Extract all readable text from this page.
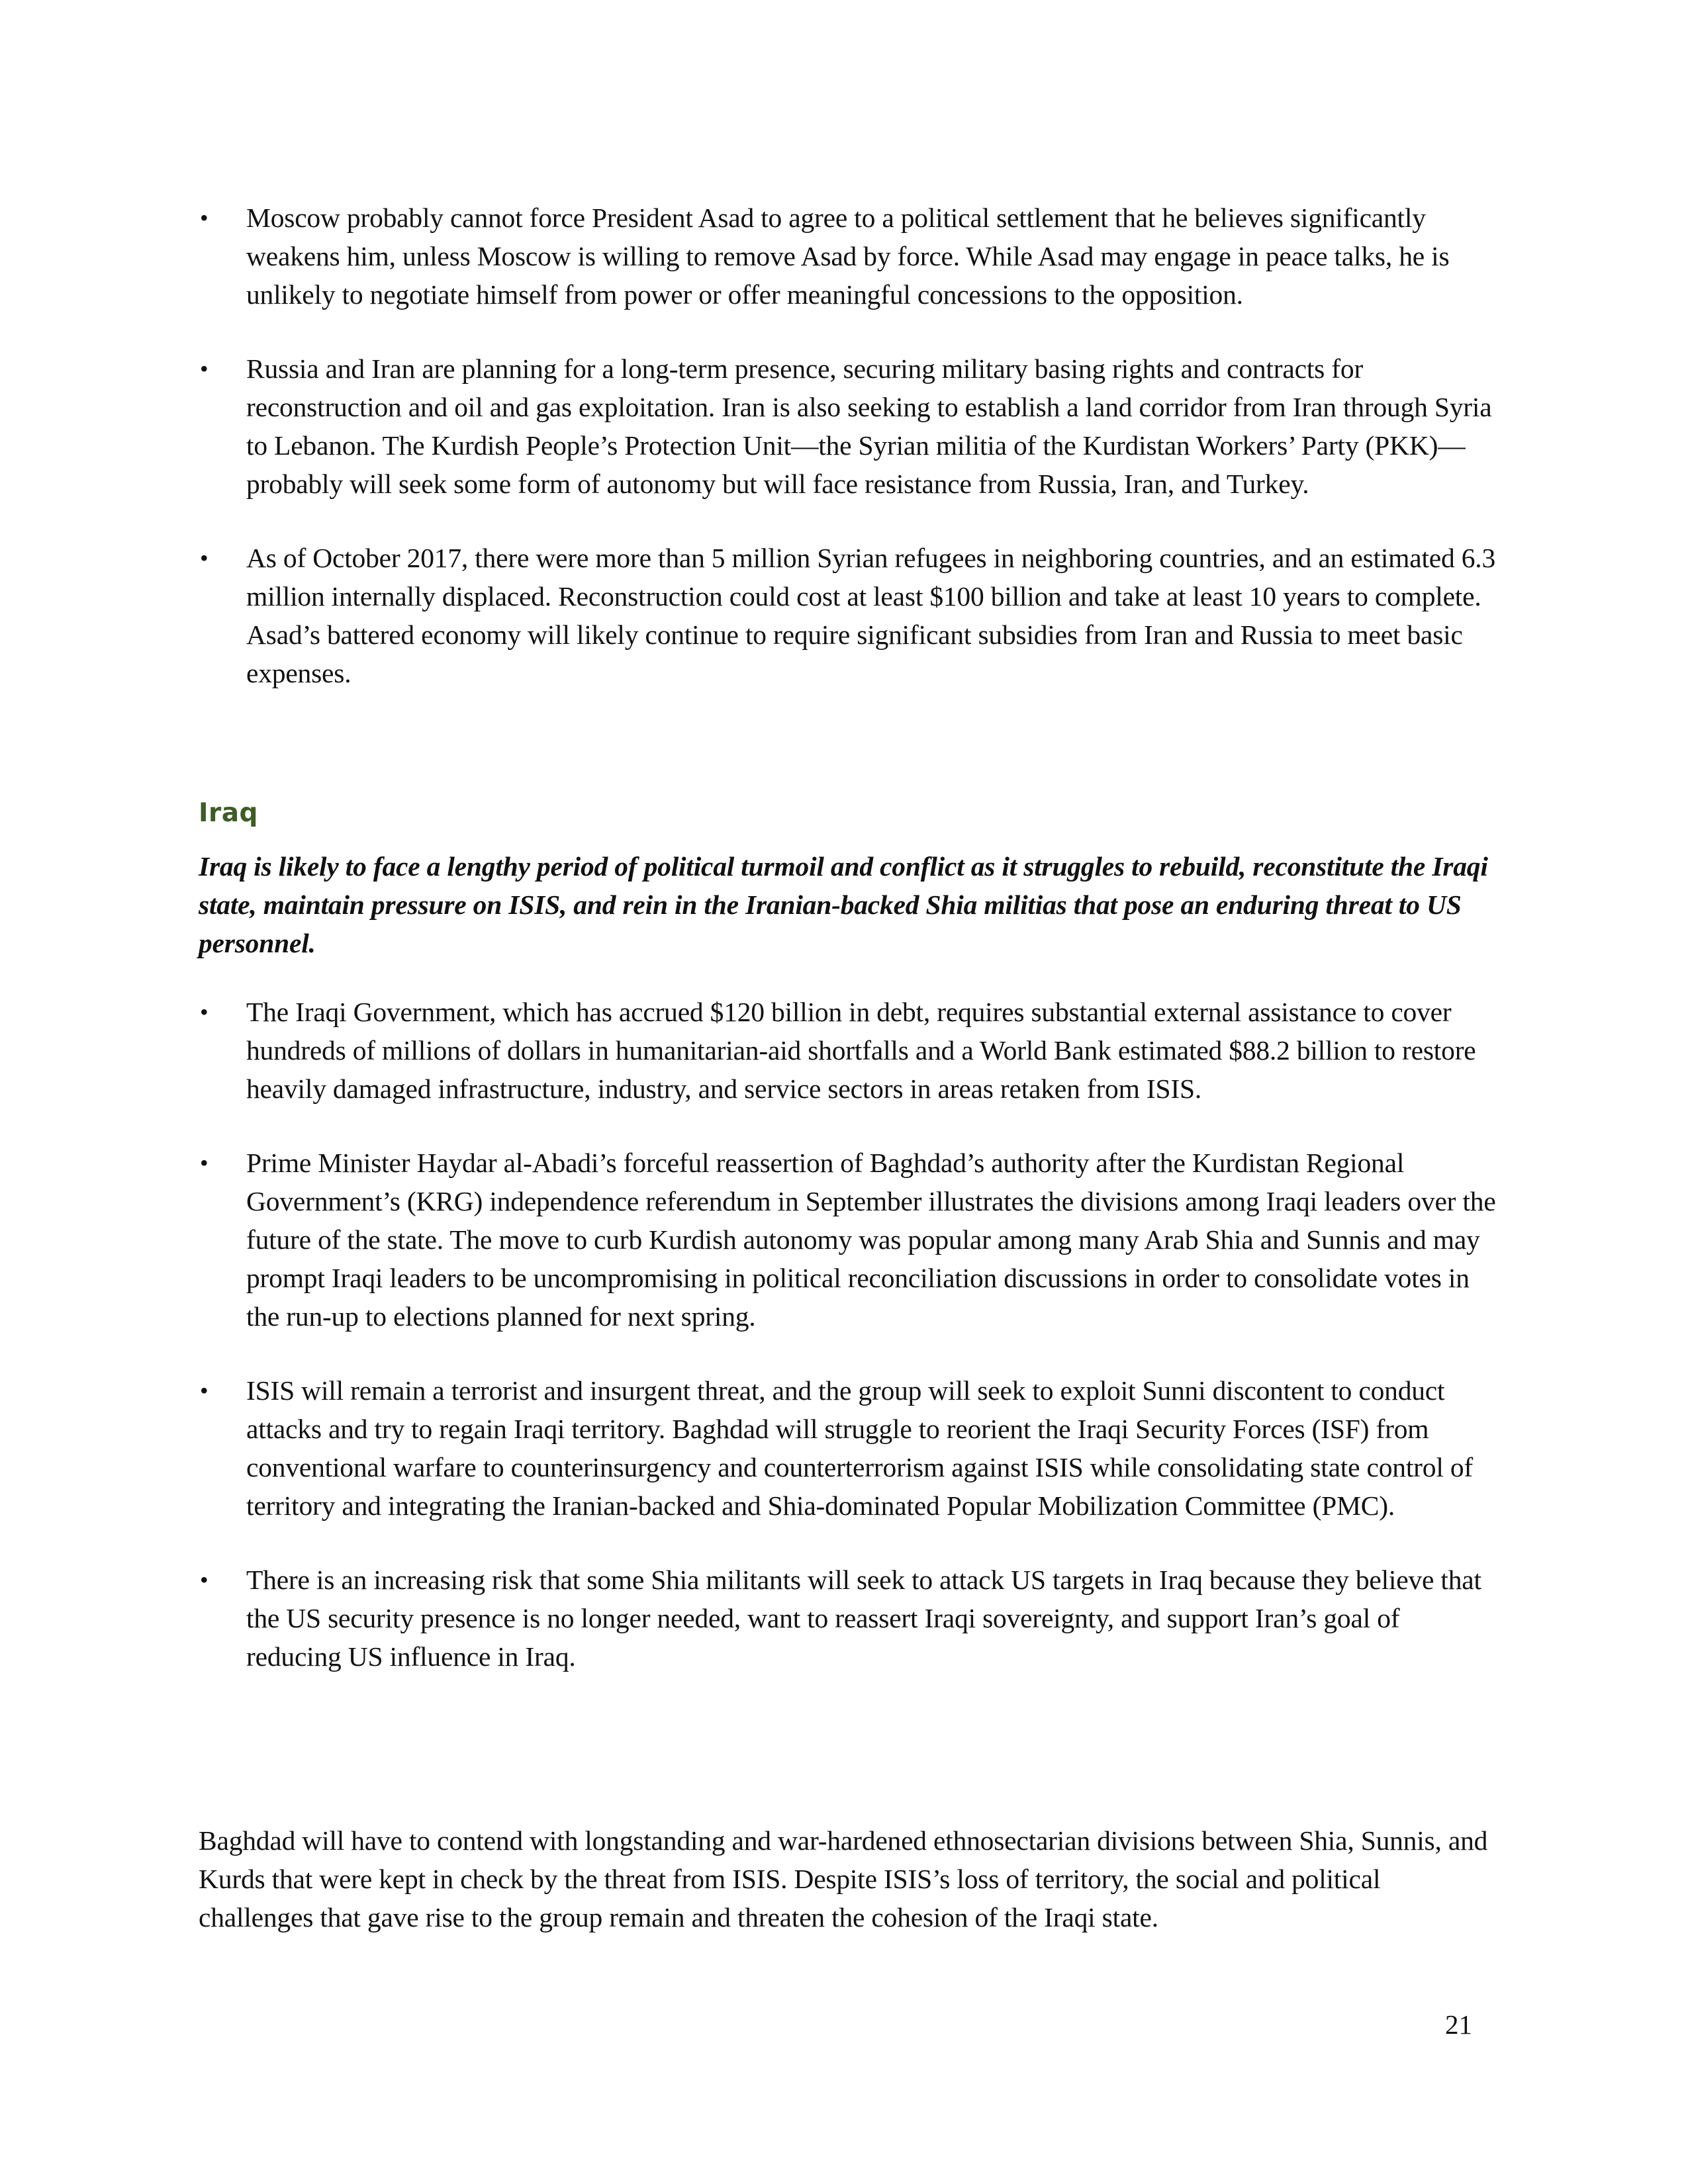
• Moscow probably cannot force President Asad to agree to a political settlement that he believes significantly weakens him, unless Moscow is willing to remove Asad by force. While Asad may engage in peace talks, he is unlikely to negotiate himself from power or offer meaningful concessions to the opposition.
• Russia and Iran are planning for a long-term presence, securing military basing rights and contracts for reconstruction and oil and gas exploitation. Iran is also seeking to establish a land corridor from Iran through Syria to Lebanon. The Kurdish People’s Protection Unit—the Syrian militia of the Kurdistan Workers’ Party (PKK)—probably will seek some form of autonomy but will face resistance from Russia, Iran, and Turkey.
• As of October 2017, there were more than 5 million Syrian refugees in neighboring countries, and an estimated 6.3 million internally displaced. Reconstruction could cost at least $100 billion and take at least 10 years to complete. Asad’s battered economy will likely continue to require significant subsidies from Iran and Russia to meet basic expenses.
Iraq
Iraq is likely to face a lengthy period of political turmoil and conflict as it struggles to rebuild, reconstitute the Iraqi state, maintain pressure on ISIS, and rein in the Iranian-backed Shia militias that pose an enduring threat to US personnel.
• The Iraqi Government, which has accrued $120 billion in debt, requires substantial external assistance to cover hundreds of millions of dollars in humanitarian-aid shortfalls and a World Bank estimated $88.2 billion to restore heavily damaged infrastructure, industry, and service sectors in areas retaken from ISIS.
• Prime Minister Haydar al-Abadi’s forceful reassertion of Baghdad’s authority after the Kurdistan Regional Government’s (KRG) independence referendum in September illustrates the divisions among Iraqi leaders over the future of the state. The move to curb Kurdish autonomy was popular among many Arab Shia and Sunnis and may prompt Iraqi leaders to be uncompromising in political reconciliation discussions in order to consolidate votes in the run-up to elections planned for next spring.
• ISIS will remain a terrorist and insurgent threat, and the group will seek to exploit Sunni discontent to conduct attacks and try to regain Iraqi territory. Baghdad will struggle to reorient the Iraqi Security Forces (ISF) from conventional warfare to counterinsurgency and counterterrorism against ISIS while consolidating state control of territory and integrating the Iranian-backed and Shia-dominated Popular Mobilization Committee (PMC).
• There is an increasing risk that some Shia militants will seek to attack US targets in Iraq because they believe that the US security presence is no longer needed, want to reassert Iraqi sovereignty, and support Iran’s goal of reducing US influence in Iraq.

Baghdad will have to contend with longstanding and war-hardened ethnosectarian divisions between Shia, Sunnis, and Kurds that were kept in check by the threat from ISIS. Despite ISIS’s loss of territory, the social and political challenges that gave rise to the group remain and threaten the cohesion of the Iraqi state.

21
